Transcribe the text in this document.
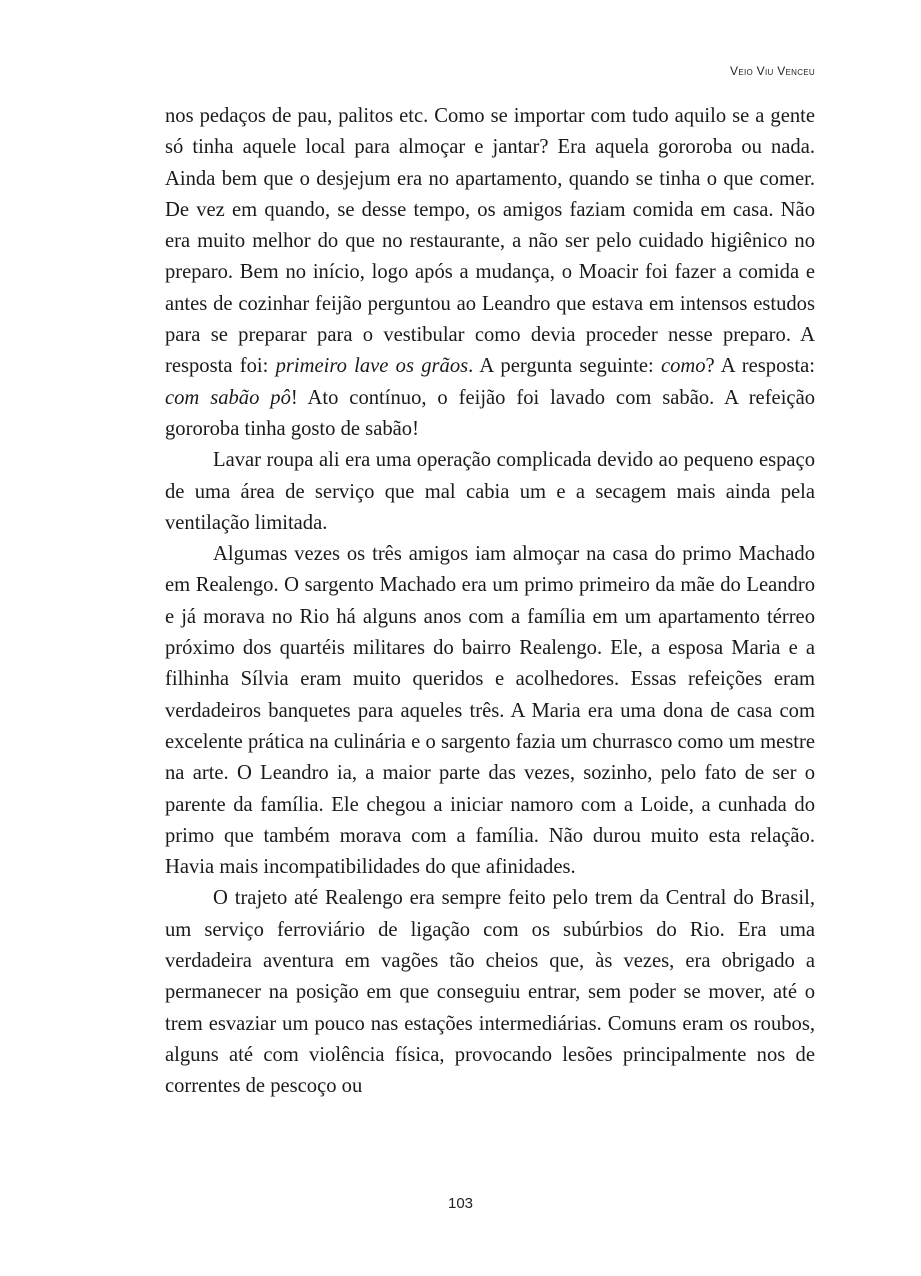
Veio Viu Venceu

nos pedaços de pau, palitos etc. Como se importar com tudo aquilo se a gente só tinha aquele local para almoçar e jantar? Era aquela gororoba ou nada. Ainda bem que o desjejum era no apartamento, quando se tinha o que comer. De vez em quando, se desse tempo, os amigos faziam comida em casa. Não era muito melhor do que no restaurante, a não ser pelo cuidado higiênico no preparo. Bem no início, logo após a mudança, o Moacir foi fazer a comida e antes de cozinhar feijão perguntou ao Leandro que estava em intensos estudos para se preparar para o vestibular como devia proceder nesse preparo. A resposta foi: primeiro lave os grãos. A pergunta seguinte: como? A resposta: com sabão pô! Ato contínuo, o feijão foi lavado com sabão. A refeição gororoba tinha gosto de sabão!

Lavar roupa ali era uma operação complicada devido ao pequeno espaço de uma área de serviço que mal cabia um e a secagem mais ainda pela ventilação limitada.

Algumas vezes os três amigos iam almoçar na casa do primo Machado em Realengo. O sargento Machado era um primo primeiro da mãe do Leandro e já morava no Rio há alguns anos com a família em um apartamento térreo próximo dos quartéis militares do bairro Realengo. Ele, a esposa Maria e a filhinha Sílvia eram muito queridos e acolhedores. Essas refeições eram verdadeiros banquetes para aqueles três. A Maria era uma dona de casa com excelente prática na culinária e o sargento fazia um churrasco como um mestre na arte. O Leandro ia, a maior parte das vezes, sozinho, pelo fato de ser o parente da família. Ele chegou a iniciar namoro com a Loide, a cunhada do primo que também morava com a família. Não durou muito esta relação. Havia mais incompatibilidades do que afinidades.

O trajeto até Realengo era sempre feito pelo trem da Central do Brasil, um serviço ferroviário de ligação com os subúrbios do Rio. Era uma verdadeira aventura em vagões tão cheios que, às vezes, era obrigado a permanecer na posição em que conseguiu entrar, sem poder se mover, até o trem esvaziar um pouco nas estações intermediárias. Comuns eram os roubos, alguns até com violência física, provocando lesões principalmente nos de correntes de pescoço ou

103
